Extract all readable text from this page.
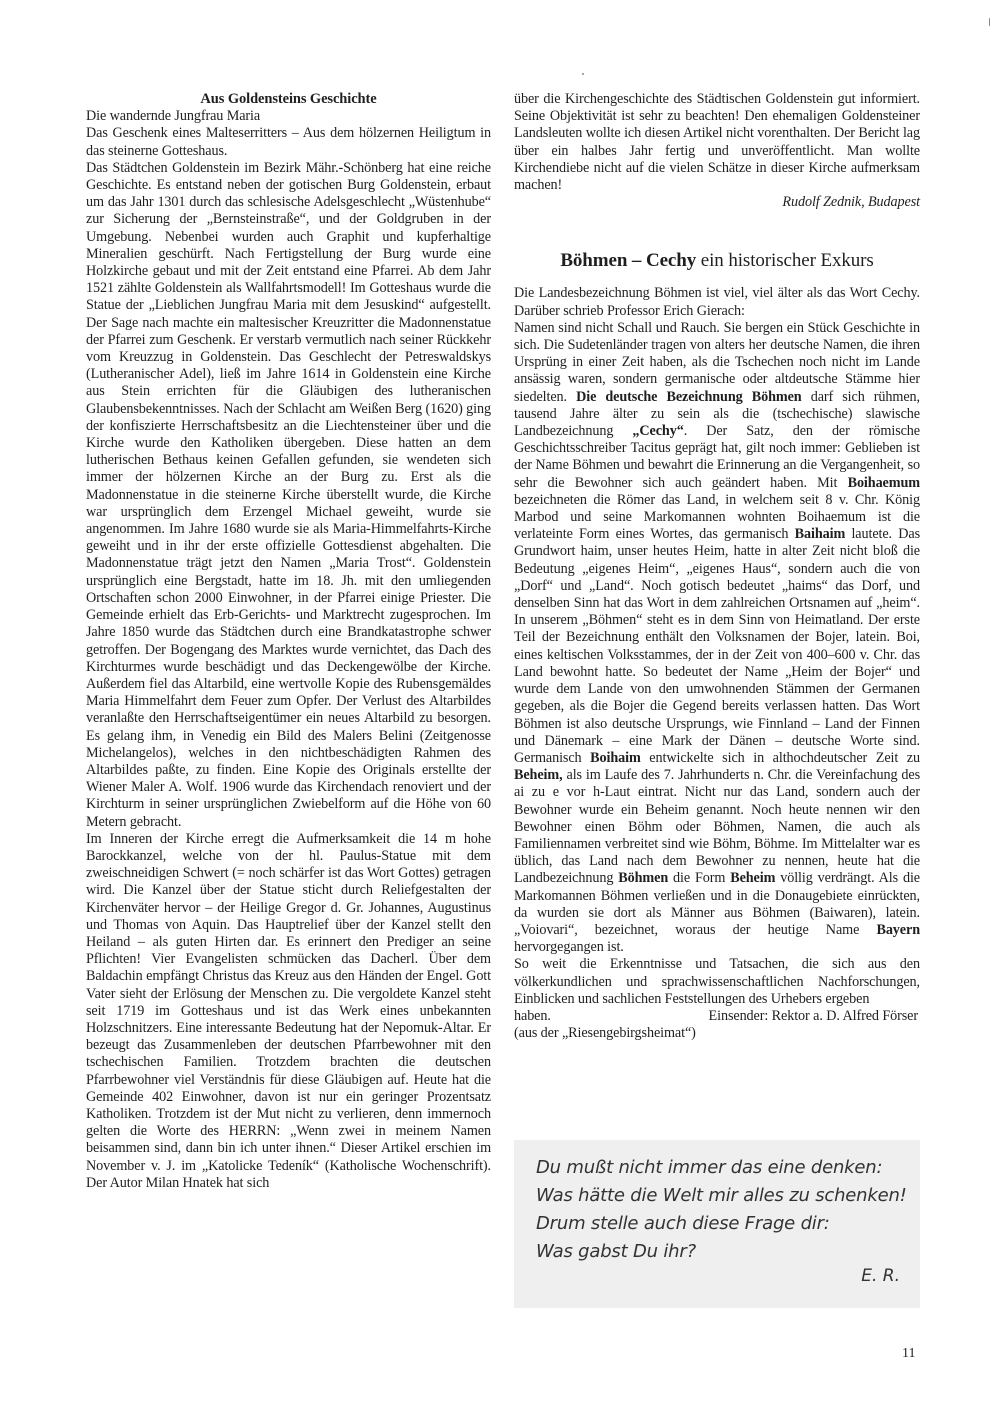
Aus Goldensteins Geschichte

Die wandernde Jungfrau Maria

Das Geschenk eines Malteserritters – Aus dem hölzernen Heiligtum in das steinerne Gotteshaus.

Das Städtchen Goldenstein im Bezirk Mähr.-Schönberg hat eine reiche Geschichte. Es entstand neben der gotischen Burg Goldenstein, erbaut um das Jahr 1301 durch das schlesische Adelsgeschlecht „Wüstenhube“ zur Sicherung der „Bernsteinstraße“, und der Goldgruben in der Umgebung. Nebenbei wurden auch Graphit und kupferhaltige Mineralien geschürft. Nach Fertigstellung der Burg wurde eine Holzkirche gebaut und mit der Zeit entstand eine Pfarrei. Ab dem Jahr 1521 zählte Goldenstein als Wallfahrtsmodell! Im Gotteshaus wurde die Statue der „Lieblichen Jungfrau Maria mit dem Jesuskind“ aufgestellt. Der Sage nach machte ein maltesischer Kreuzritter die Madonnenstatue der Pfarrei zum Geschenk. Er verstarb vermutlich nach seiner Rückkehr vom Kreuzzug in Goldenstein. Das Geschlecht der Petreswaldskys (Lutheranischer Adel), ließ im Jahre 1614 in Goldenstein eine Kirche aus Stein errichten für die Gläubigen des lutheranischen Glaubensbekenntnisses. Nach der Schlacht am Weißen Berg (1620) ging der konfiszierte Herrschaftsbesitz an die Liechtensteiner über und die Kirche wurde den Katholiken übergeben. Diese hatten an dem lutherischen Bethaus keinen Gefallen gefunden, sie wendeten sich immer der hölzernen Kirche an der Burg zu. Erst als die Madonnenstatue in die steinerne Kirche überstellt wurde, die Kirche war ursprünglich dem Erzengel Michael geweiht, wurde sie angenommen. Im Jahre 1680 wurde sie als Maria-Himmelfahrts-Kirche geweiht und in ihr der erste offizielle Gottesdienst abgehalten. Die Madonnenstatue trägt jetzt den Namen „Maria Trost“. Goldenstein ursprünglich eine Bergstadt, hatte im 18. Jh. mit den umliegenden Ortschaften schon 2000 Einwohner, in der Pfarrei einige Priester. Die Gemeinde erhielt das Erb-Gerichts- und Marktrecht zugesprochen. Im Jahre 1850 wurde das Städtchen durch eine Brandkatastrophe schwer getroffen. Der Bogengang des Marktes wurde vernichtet, das Dach des Kirchturmes wurde beschädigt und das Deckengewölbe der Kirche. Außerdem fiel das Altarbild, eine wertvolle Kopie des Rubensgemäldes Maria Himmelfahrt dem Feuer zum Opfer. Der Verlust des Altarbildes veranlaßte den Herrschaftseigentümer ein neues Altarbild zu besorgen. Es gelang ihm, in Venedig ein Bild des Malers Belini (Zeitgenosse Michelangelos), welches in den nichtbeschädigten Rahmen des Altarbildes paßte, zu finden. Eine Kopie des Originals erstellte der Wiener Maler A. Wolf. 1906 wurde das Kirchendach renoviert und der Kirchturm in seiner ursprünglichen Zwiebelform auf die Höhe von 60 Metern gebracht.

Im Inneren der Kirche erregt die Aufmerksamkeit die 14 m hohe Barockkanzel, welche von der hl. Paulus-Statue mit dem zweischneidigen Schwert (= noch schärfer ist das Wort Gottes) getragen wird. Die Kanzel über der Statue sticht durch Reliefgestalten der Kirchenväter hervor – der Heilige Gregor d. Gr. Johannes, Augustinus und Thomas von Aquin. Das Hauptrelief über der Kanzel stellt den Heiland – als guten Hirten dar. Es erinnert den Prediger an seine Pflichten! Vier Evangelisten schmücken das Dacherl. Über dem Baldachin empfängt Christus das Kreuz aus den Händen der Engel. Gott Vater sieht der Erlösung der Menschen zu. Die vergoldete Kanzel steht seit 1719 im Gotteshaus und ist das Werk eines unbekannten Holzschnitzers. Eine interessante Bedeutung hat der Nepomuk-Altar. Er bezeugt das Zusammenleben der deutschen Pfarrbewohner mit den tschechischen Familien. Trotzdem brachten die deutschen Pfarrbewohner viel Verständnis für diese Gläubigen auf. Heute hat die Gemeinde 402 Einwohner, davon ist nur ein geringer Prozentsatz Katholiken. Trotzdem ist der Mut nicht zu verlieren, denn immernoch gelten die Worte des HERRN: „Wenn zwei in meinem Namen beisammen sind, dann bin ich unter ihnen.“ Dieser Artikel erschien im November v. J. im „Katolicke Tedeník“ (Katholische Wochenschrift). Der Autor Milan Hnatek hat sich

über die Kirchengeschichte des Städtischen Goldenstein gut informiert. Seine Objektivität ist sehr zu beachten! Den ehemaligen Goldensteiner Landsleuten wollte ich diesen Artikel nicht vorenthalten. Der Bericht lag über ein halbes Jahr fertig und unveröffentlicht. Man wollte Kirchendiebe nicht auf die vielen Schätze in dieser Kirche aufmerksam machen!

Rudolf Zednik, Budapest

Böhmen – Cechy ein historischer Exkurs

Die Landesbezeichnung Böhmen ist viel, viel älter als das Wort Cechy. Darüber schrieb Professor Erich Gierach:

Namen sind nicht Schall und Rauch. Sie bergen ein Stück Geschichte in sich. Die Sudetenländer tragen von alters her deutsche Namen, die ihren Ursprüng in einer Zeit haben, als die Tschechen noch nicht im Lande ansässig waren, sondern germanische oder altdeutsche Stämme hier siedelten. Die deutsche Bezeichnung Böhmen darf sich rühmen, tausend Jahre älter zu sein als die (tschechische) slawische Landbezeichnung „Cechy“. Der Satz, den der römische Geschichtsschreiber Tacitus geprägt hat, gilt noch immer: Geblieben ist der Name Böhmen und bewahrt die Erinnerung an die Vergangenheit, so sehr die Bewohner sich auch geändert haben. Mit Boihaemum bezeichneten die Römer das Land, in welchem seit 8 v. Chr. König Marbod und seine Markomannen wohnten Boihaemum ist die verlateinte Form eines Wortes, das germanisch Baihaim lautete. Das Grundwort haim, unser heutes Heim, hatte in alter Zeit nicht bloß die Bedeutung „eigenes Heim“, „eigenes Haus“, sondern auch die von „Dorf“ und „Land“. Noch gotisch bedeutet „haims“ das Dorf, und denselben Sinn hat das Wort in dem zahlreichen Ortsnamen auf „heim“. In unserem „Böhmen“ steht es in dem Sinn von Heimatland. Der erste Teil der Bezeichnung enthält den Volksnamen der Bojer, latein. Boi, eines keltischen Volksstammes, der in der Zeit von 400–600 v. Chr. das Land bewohnt hatte. So bedeutet der Name „Heim der Bojer“ und wurde dem Lande von den umwohnenden Stämmen der Germanen gegeben, als die Bojer die Gegend bereits verlassen hatten. Das Wort Böhmen ist also deutsche Ursprungs, wie Finnland – Land der Finnen und Dänemark – eine Mark der Dänen – deutsche Worte sind. Germanisch Boihaim entwickelte sich in althochdeutscher Zeit zu Beheim, als im Laufe des 7. Jahrhunderts n. Chr. die Vereinfachung des ai zu e vor h-Laut eintrat. Nicht nur das Land, sondern auch der Bewohner wurde ein Beheim genannt. Noch heute nennen wir den Bewohner einen Böhm oder Böhmen, Namen, die auch als Familiennamen verbreitet sind wie Böhm, Böhme. Im Mittelalter war es üblich, das Land nach dem Bewohner zu nennen, heute hat die Landbezeichnung Böhmen die Form Beheim völlig verdrängt. Als die Markomannen Böhmen verließen und in die Donaugebiete einrückten, da wurden sie dort als Männer aus Böhmen (Baiwaren), latein. „Voiovari“, bezeichnet, woraus der heutige Name Bayern hervorgegangen ist.

So weit die Erkenntnisse und Tatsachen, die sich aus den völkerkundlichen und sprachwissenschaftlichen Nachforschungen, Einblicken und sachlichen Feststellungen des Urhebers ergeben

haben.	Einsender: Rektor a. D. Alfred Förser

(aus der „Riesengebirgsheimat“)

Du mußt nicht immer das eine denken:
Was hätte die Welt mir alles zu schenken!
Drum stelle auch diese Frage dir:
Was gabst Du ihr?
E. R.
11
